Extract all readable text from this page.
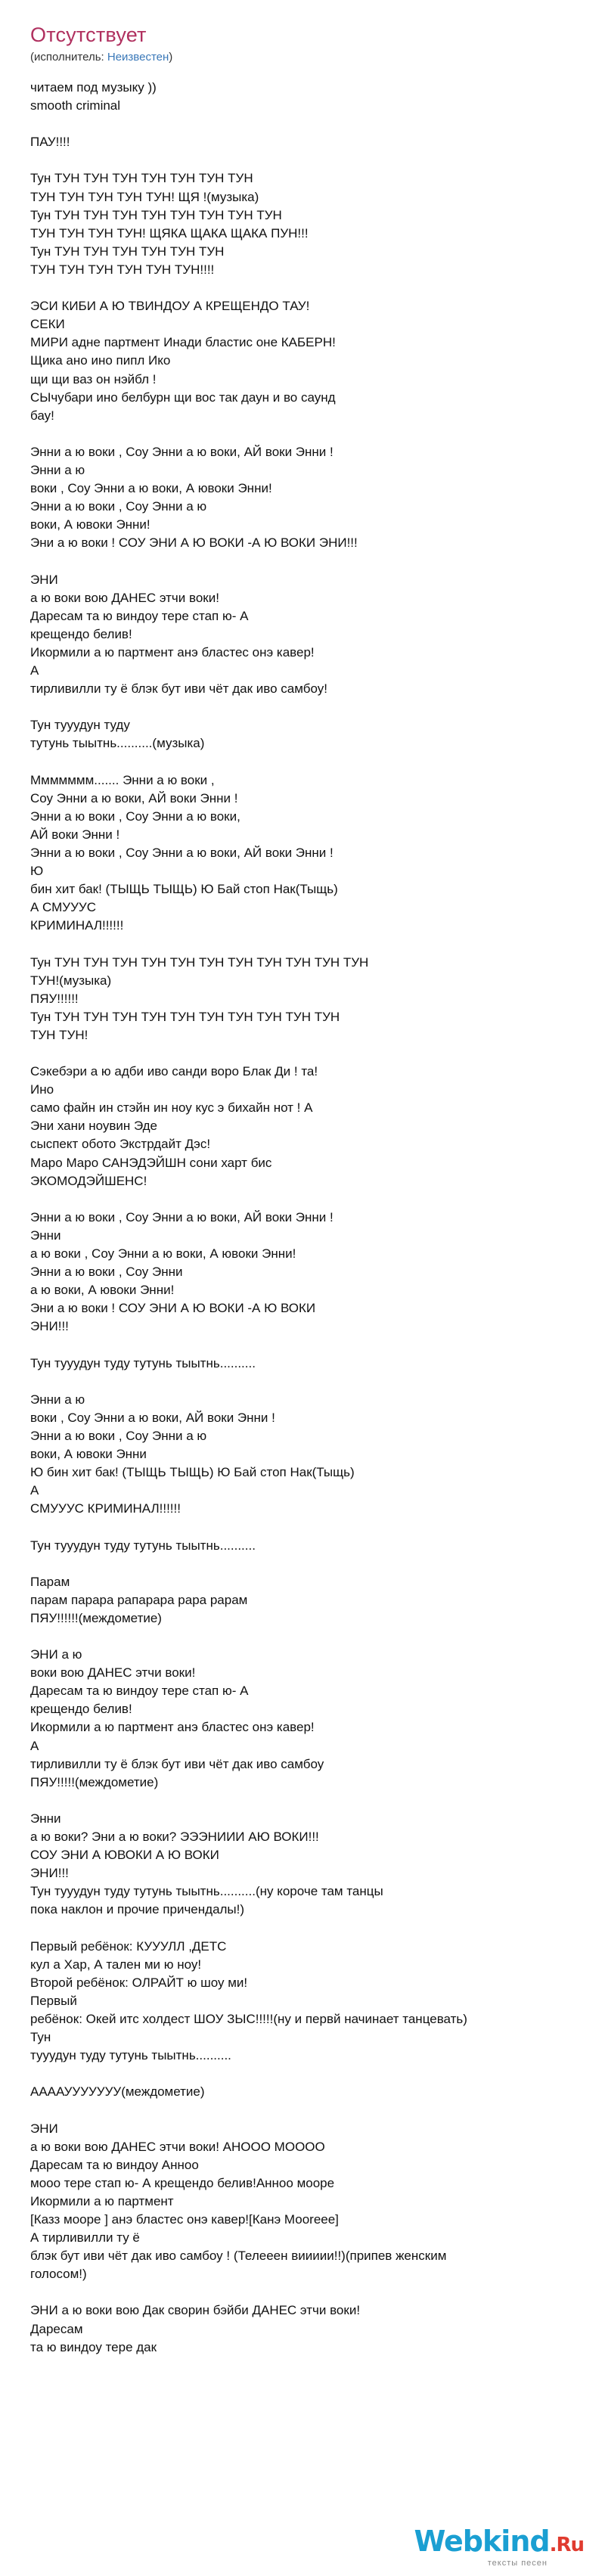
Отсутствует
(исполнитель: Неизвестен)
читаем под музыку ))
smooth criminal

ПАУ!!!!

Тун ТУН ТУН ТУН ТУН ТУН ТУН ТУН
ТУН ТУН ТУН ТУН ТУН! ЩЯ !(музыка)
Тун ТУН ТУН ТУН ТУН ТУН ТУН ТУН ТУН
ТУН ТУН ТУН ТУН! ЩЯКА ЩАКА ЩАКА ПУН!!!
Тун ТУН ТУН ТУН ТУН ТУН ТУН
ТУН ТУН ТУН ТУН ТУН ТУН!!!!

ЭСИ КИБИ А Ю ТВИНДОУ А КРЕЩЕНДО ТАУ!
СЕКИ
МИРИ адне партмент Инади бластис оне КАБЕРН!
Щика ано ино пипл Ико
щи щи ваз он нэйбл !
СЫчубари ино белбурн щи вос так даун и во саунд
бау!

Энни а ю воки , Соу Энни а ю воки, АЙ воки Энни !
Энни а ю
воки , Соу Энни а ю воки, А ювоки Энни!
Энни а ю воки , Соу Энни а ю
воки, А ювоки Энни!
Эни а ю воки ! СОУ ЭНИ А Ю ВОКИ -А Ю ВОКИ ЭНИ!!!

ЭНИ
а ю воки вою ДАНЕС этчи воки!
Даресам та ю виндоу тере стап ю- А
крещендо белив!
Икормили а ю партмент анэ бластес онэ кавер!
А
тирливилли ту ё блэк бут иви чёт дак иво самбоу!

Тун тууудун туду
тутунь тыытнь..........(музыка)

Ммммммм....... Энни а ю воки ,
Соу Энни а ю воки, АЙ воки Энни !
Энни а ю воки , Соу Энни а ю воки,
АЙ воки Энни !
Энни а ю воки , Соу Энни а ю воки, АЙ воки Энни !
Ю
бин хит бак! (ТЫЩЬ ТЫЩЬ) Ю Бай стоп Нак(Тыщь)
А СМУУУС
КРИМИНАЛ!!!!!!

Тун ТУН ТУН ТУН ТУН ТУН ТУН ТУН ТУН ТУН ТУН ТУН
ТУН!(музыка)
ПЯУ!!!!!!
Тун ТУН ТУН ТУН ТУН ТУН ТУН ТУН ТУН ТУН ТУН
ТУН ТУН!

Сэкебэри а ю адби иво санди воро Блак Ди ! та!
Ино
само файн ин стэйн ин ноу кус э бихайн нот ! А
Эни хани ноувин Эде
сыспект обото Экстрдайт Дэс!
Маро Маро САНЭДЭЙШН сони харт бис
ЭКОМОДЭЙШЕНС!

Энни а ю воки , Соу Энни а ю воки, АЙ воки Энни !
Энни
а ю воки , Соу Энни а ю воки, А ювоки Энни!
Энни а ю воки , Соу Энни
а ю воки, А ювоки Энни!
Эни а ю воки ! СОУ ЭНИ А Ю ВОКИ -А Ю ВОКИ
ЭНИ!!!

Тун тууудун туду тутунь тыытнь..........

Энни а ю
воки , Соу Энни а ю воки, АЙ воки Энни !
Энни а ю воки , Соу Энни а ю
воки, А ювоки Энни
Ю бин хит бак! (ТЫЩЬ ТЫЩЬ) Ю Бай стоп Нак(Тыщь)
А
СМУУУС КРИМИНАЛ!!!!!!

Тун тууудун туду тутунь тыытнь..........

Парам
парам парара рапарара рара рарам
ПЯУ!!!!!!(междометие)

ЭНИ а ю
воки вою ДАНЕС этчи воки!
Даресам та ю виндоу тере стап ю- А
крещендо белив!
Икормили а ю партмент анэ бластес онэ кавер!
А
тирливилли ту ё блэк бут иви чёт дак иво самбоу
ПЯУ!!!!!(междометие)

Энни
а ю воки? Эни а ю воки? ЭЭЭНИИИ АЮ ВОКИ!!!
СОУ ЭНИ А ЮВОКИ А Ю ВОКИ
ЭНИ!!!
Тун тууудун туду тутунь тыытнь..........(ну короче там танцы
пока наклон и прочие причендалы!)

Первый ребёнок: КУУУЛЛ ,ДЕТС
кул а Хар, А тален ми ю ноу!
Второй ребёнок: ОЛРАЙТ ю шоу ми!
Первый
ребёнок: Окей итс холдест ШОУ ЗЫС!!!!!(ну и первй начинает танцевать)
Тун
тууудун туду тутунь тыытнь..........

ААААУУУУУУУ(междометие)

ЭНИ
а ю воки вою ДАНЕС этчи воки! АНОOO МОООО
Даресам та ю виндоу Анноо
мооо тере стап ю- А крещендо белив!Анноо мооре
Икормили а ю партмент
[Казз мооре ] анэ бластес онэ кавер![Канэ Мооreee]
А тирливилли ту ё
блэк бут иви чёт дак иво самбоу ! (Телееен виииии!!)(припев женским
голосом!)

ЭНИ а ю воки вою Дак сворин бэйби ДАНЕС этчи воки!
Даресам
та ю виндоу тере дак
Webkind.Ru
тексты песен
